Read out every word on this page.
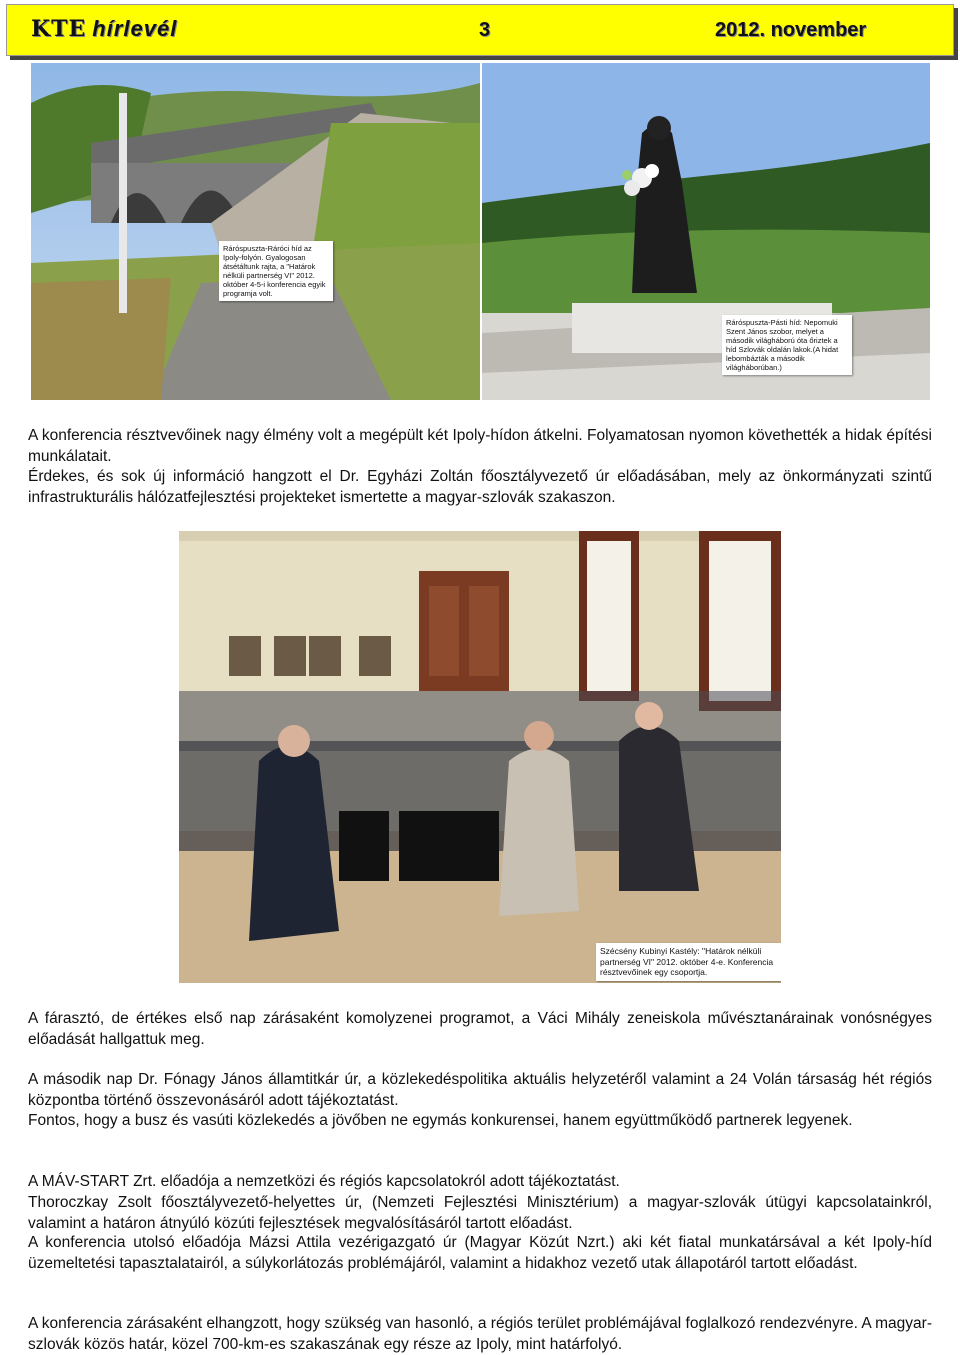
KTE hírlevél	3	2012. november
Ráróspuszta-Ráróci híd az Ipoly-folyón. Gyalogosan átsétáltunk rajta, a "Határok nélküli partnerség VI" 2012. október 4-5-i konferencia egyik programja volt.
Ráróspuszta-Pásti híd: Nepomuki Szent János szobor, melyet a második világháború óta őriztek a híd Szlovák oldalán lakok.(A hidat lebombázták a második világháborúban.)

A konferencia résztvevőinek nagy élmény volt a megépült két Ipoly-hídon átkelni. Folyamatosan nyomon követhették a hidak építési munkálatait.

Érdekes, és sok új információ hangzott el Dr. Egyházi Zoltán főosztályvezető úr előadásában, mely az önkormányzati szintű infrastrukturális hálózatfejlesztési projekteket ismertette a magyar-szlovák szakaszon.

Szécsény Kubinyi Kastély: "Határok nélküli partnerség VI" 2012. október 4-e. Konferencia résztvevőinek egy csoportja.

A fárasztó, de értékes első nap zárásaként komolyzenei programot, a Váci Mihály zeneiskola művésztanárainak vonósnégyes előadását hallgattuk meg.

A második nap Dr. Fónagy János államtitkár úr, a közlekedéspolitika aktuális helyzetéről valamint a 24 Volán társaság hét régiós központba történő összevonásáról adott tájékoztatást.

Fontos, hogy a busz és vasúti közlekedés a jövőben ne egymás konkurensei, hanem együttműködő partnerek legyenek.

A MÁV-START Zrt. előadója a nemzetközi és régiós kapcsolatokról adott tájékoztatást.

Thoroczkay Zsolt főosztályvezető-helyettes úr, (Nemzeti Fejlesztési Minisztérium) a magyar-szlovák útügyi kapcsolatainkról, valamint a határon átnyúló közúti fejlesztések megvalósításáról tartott előadást.

A konferencia utolsó előadója Mázsi Attila vezérigazgató úr (Magyar Közút Nzrt.) aki két fiatal munkatársával a két Ipoly-híd üzemeltetési tapasztalatairól, a súlykorlátozás problémájáról, valamint a hidakhoz vezető utak állapotáról tartott előadást.

A konferencia zárásaként elhangzott, hogy szükség van hasonló, a régiós terület problémájával foglalkozó rendezvényre. A magyar-szlovák közös határ, közel 700-km-es szakaszának egy része az Ipoly, mint határfolyó.
